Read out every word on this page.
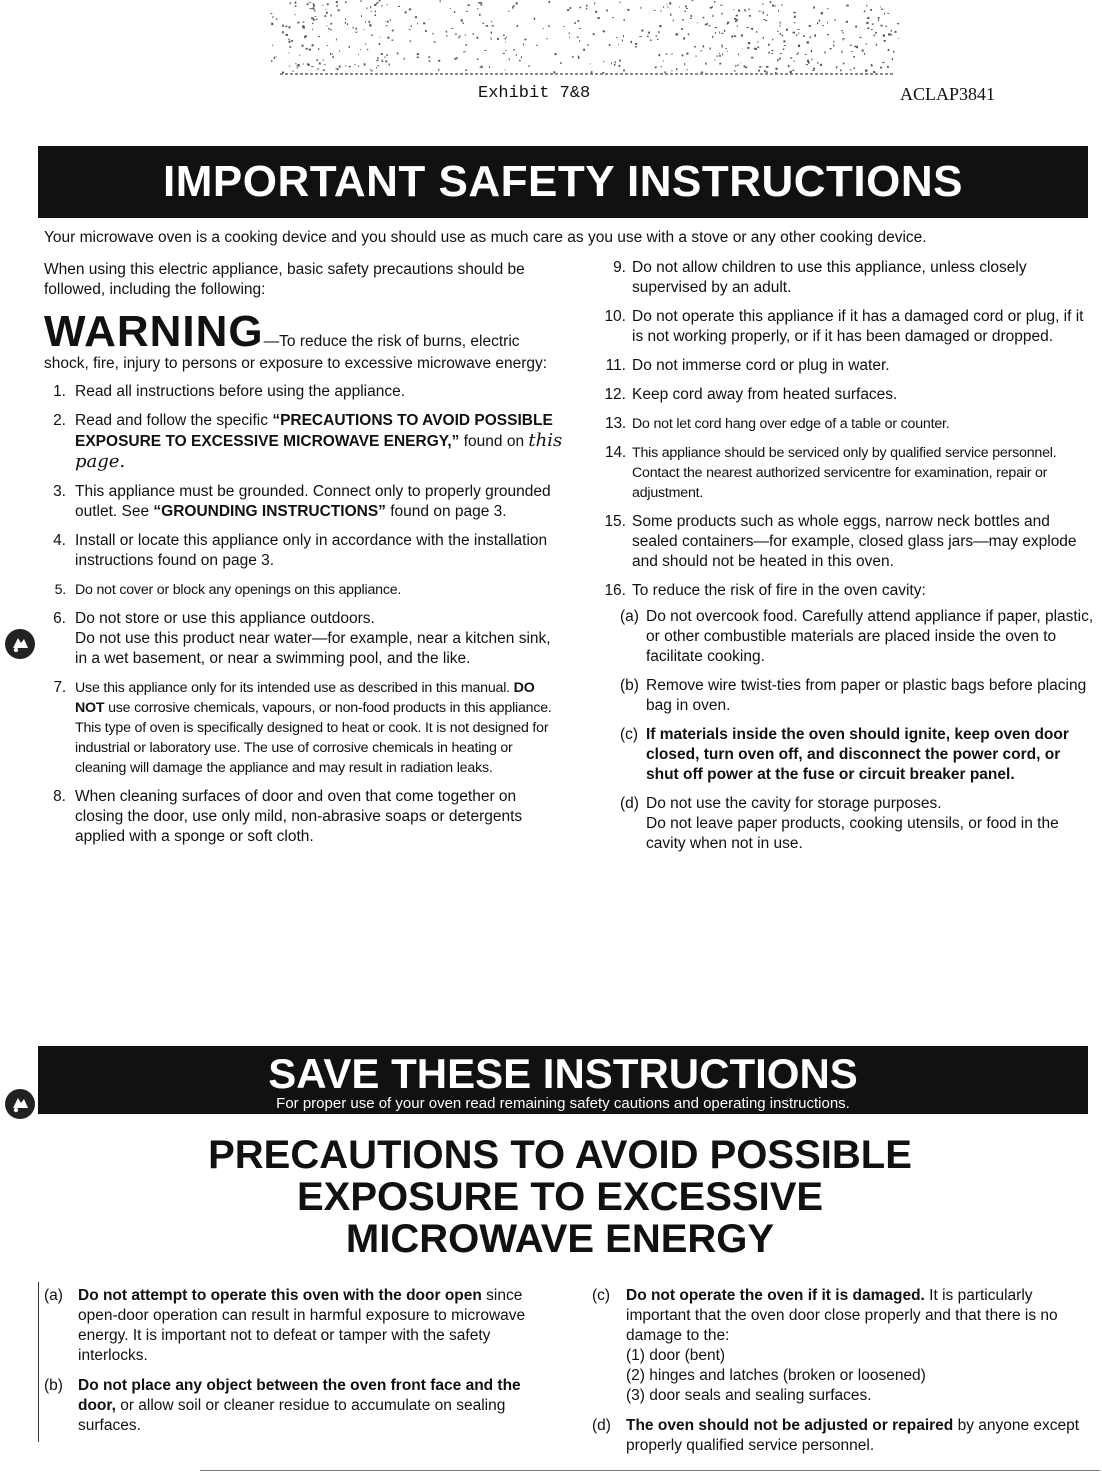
Exhibit 7&8	ACLAP3841
IMPORTANT SAFETY INSTRUCTIONS
Your microwave oven is a cooking device and you should use as much care as you use with a stove or any other cooking device.

When using this electric appliance, basic safety precautions should be followed, including the following:

WARNING—To reduce the risk of burns, electric shock, fire, injury to persons or exposure to excessive microwave energy:
1. Read all instructions before using the appliance.
2. Read and follow the specific “PRECAUTIONS TO AVOID POSSIBLE EXPOSURE TO EXCESSIVE MICROWAVE ENERGY,” found on this page.
3. This appliance must be grounded. Connect only to properly grounded outlet. See “GROUNDING INSTRUCTIONS” found on page 3.
4. Install or locate this appliance only in accordance with the installation instructions found on page 3.
5. Do not cover or block any openings on this appliance.
6. Do not store or use this appliance outdoors.
Do not use this product near water—for example, near a kitchen sink, in a wet basement, or near a swimming pool, and the like.
7. Use this appliance only for its intended use as described in this manual. DO NOT use corrosive chemicals, vapours, or non-food products in this appliance. This type of oven is specifically designed to heat or cook. It is not designed for industrial or laboratory use. The use of corrosive chemicals in heating or cleaning will damage the appliance and may result in radiation leaks.
8. When cleaning surfaces of door and oven that come together on closing the door, use only mild, non-abrasive soaps or detergents applied with a sponge or soft cloth.
9. Do not allow children to use this appliance, unless closely supervised by an adult.
10. Do not operate this appliance if it has a damaged cord or plug, if it is not working properly, or if it has been damaged or dropped.
11. Do not immerse cord or plug in water.
12. Keep cord away from heated surfaces.
13. Do not let cord hang over edge of a table or counter.
14. This appliance should be serviced only by qualified service personnel. Contact the nearest authorized servicentre for examination, repair or adjustment.
15. Some products such as whole eggs, narrow neck bottles and sealed containers—for example, closed glass jars—may explode and should not be heated in this oven.
16. To reduce the risk of fire in the oven cavity:
(a) Do not overcook food. Carefully attend appliance if paper, plastic, or other combustible materials are placed inside the oven to facilitate cooking.
(b) Remove wire twist-ties from paper or plastic bags before placing bag in oven.
(c) If materials inside the oven should ignite, keep oven door closed, turn oven off, and disconnect the power cord, or shut off power at the fuse or circuit breaker panel.
(d) Do not use the cavity for storage purposes.
Do not leave paper products, cooking utensils, or food in the cavity when not in use.
SAVE THESE INSTRUCTIONS
For proper use of your oven read remaining safety cautions and operating instructions.
PRECAUTIONS TO AVOID POSSIBLE
EXPOSURE TO EXCESSIVE
MICROWAVE ENERGY
(a) Do not attempt to operate this oven with the door open since open-door operation can result in harmful exposure to microwave energy. It is important not to defeat or tamper with the safety interlocks.
(b) Do not place any object between the oven front face and the door, or allow soil or cleaner residue to accumulate on sealing surfaces.
(c) Do not operate the oven if it is damaged. It is particularly important that the oven door close properly and that there is no damage to the:
(1) door (bent)
(2) hinges and latches (broken or loosened)
(3) door seals and sealing surfaces.
(d) The oven should not be adjusted or repaired by anyone except properly qualified service personnel.
